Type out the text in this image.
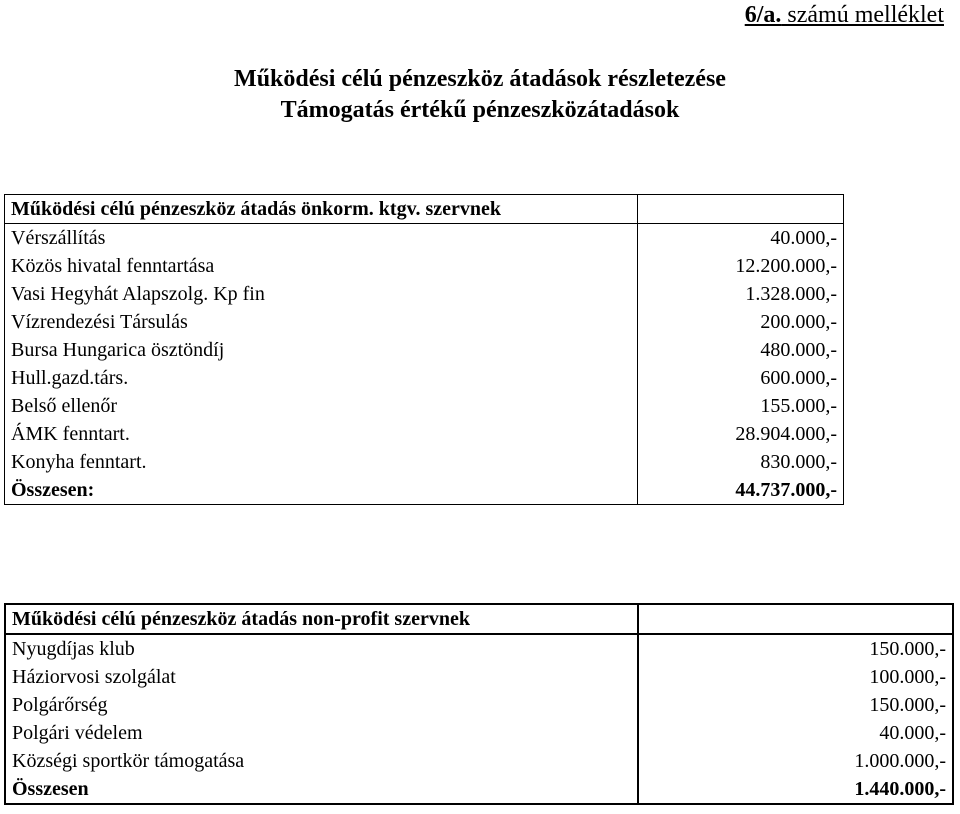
6/a. számú melléklet
Működési célú pénzeszköz átadások részletezése
Támogatás értékű pénzeszközátadások
Működési célú pénzeszköz átadás önkorm. ktgv. szervnek	
Vérszállítás	40.000,-
Közös hivatal fenntartása	12.200.000,-
Vasi Hegyhát Alapszolg. Kp fin	1.328.000,-
Vízrendezési Társulás	200.000,-
Bursa Hungarica ösztöndíj	480.000,-
Hull.gazd.társ.	600.000,-
Belső ellenőr	155.000,-
ÁMK fenntart.	28.904.000,-
Konyha fenntart.	830.000,-
Összesen:	44.737.000,-
Működési célú pénzeszköz átadás non-profit szervnek	
Nyugdíjas klub	150.000,-
Háziorvosi szolgálat	100.000,-
Polgárőrség	150.000,-
Polgári védelem	40.000,-
Községi sportkör támogatása	1.000.000,-
Összesen	1.440.000,-
